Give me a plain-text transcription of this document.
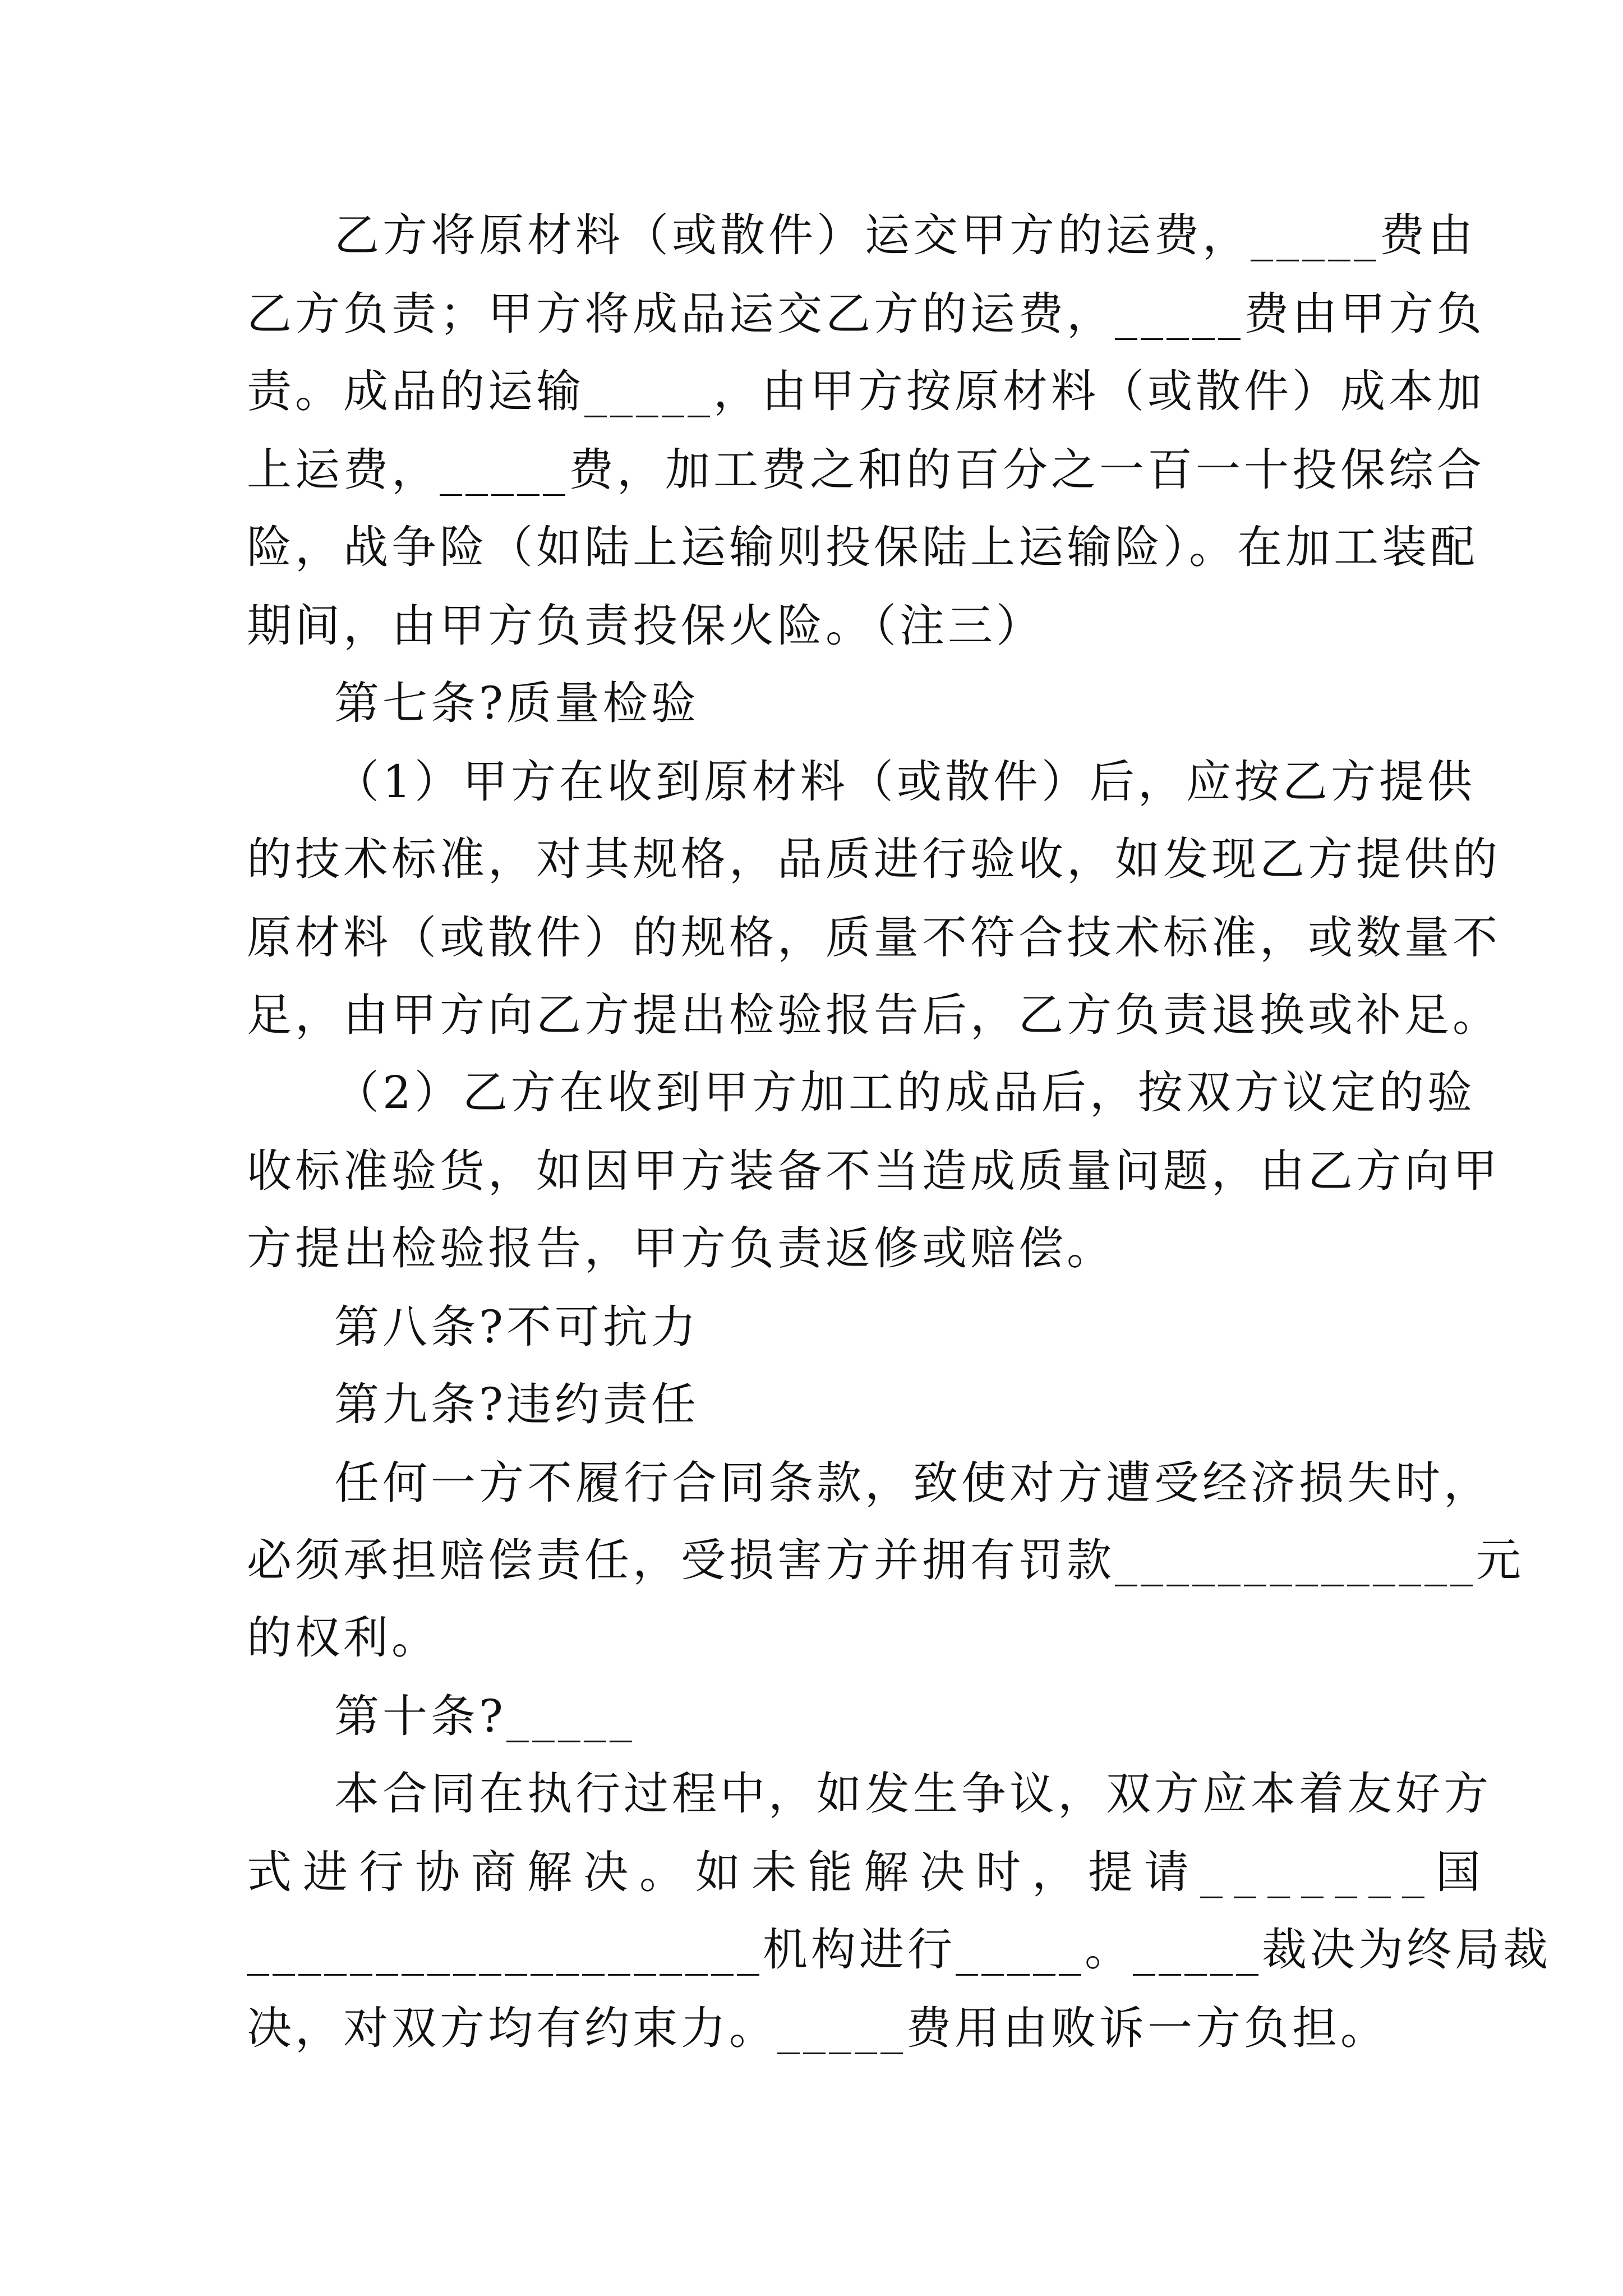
乙方将原材料（或散件）运交甲方的运费，_____费由
乙方负责；甲方将成品运交乙方的运费，_____费由甲方负
责。成品的运输_____，由甲方按原材料（或散件）成本加
上运费，_____费，加工费之和的百分之一百一十投保综合
险，战争险（如陆上运输则投保陆上运输险）。在加工装配
期间，由甲方负责投保火险。（注三）
第七条?质量检验
（1）甲方在收到原材料（或散件）后，应按乙方提供
的技术标准，对其规格，品质进行验收，如发现乙方提供的
原材料（或散件）的规格，质量不符合技术标准，或数量不
足，由甲方向乙方提出检验报告后，乙方负责退换或补足。
（2）乙方在收到甲方加工的成品后，按双方议定的验
收标准验货，如因甲方装备不当造成质量问题，由乙方向甲
方提出检验报告，甲方负责返修或赔偿。
第八条?不可抗力
第九条?违约责任
任何一方不履行合同条款，致使对方遭受经济损失时，
必须承担赔偿责任，受损害方并拥有罚款______________元
的权利。
第十条?_____
本合同在执行过程中，如发生争议，双方应本着友好方
式进行协商解决。如未能解决时，提请_______国
____________________机构进行_____。_____裁决为终局裁
决，对双方均有约束力。_____费用由败诉一方负担。
